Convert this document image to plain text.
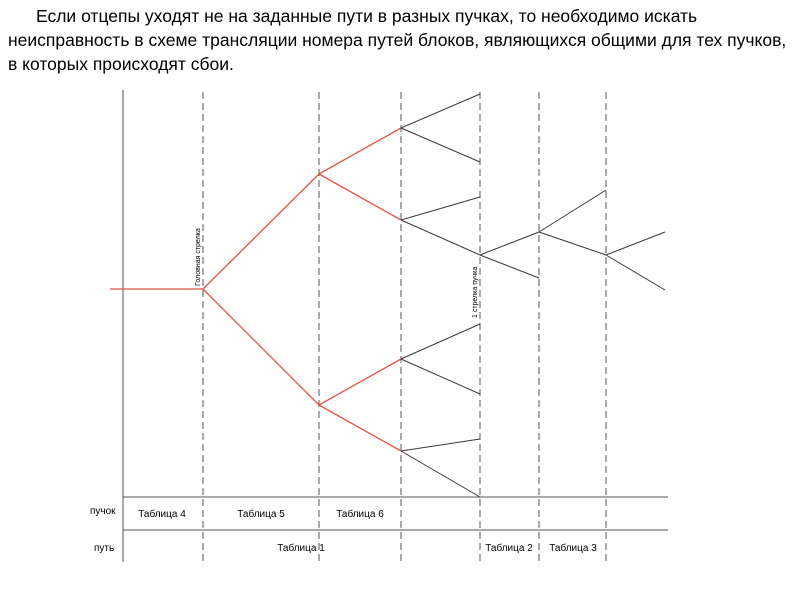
Если отцепы уходят не на заданные пути в разных пучках, то необходимо искать неисправность в схеме трансляции номера путей блоков, являющихся общими для тех пучков, в которых происходят сбои.
Головная стрелка
1 стрелка пучка
пучок
путь
Таблица 4	Таблица 5	Таблица 6
Таблица 1	Таблица 2 Таблица 3
